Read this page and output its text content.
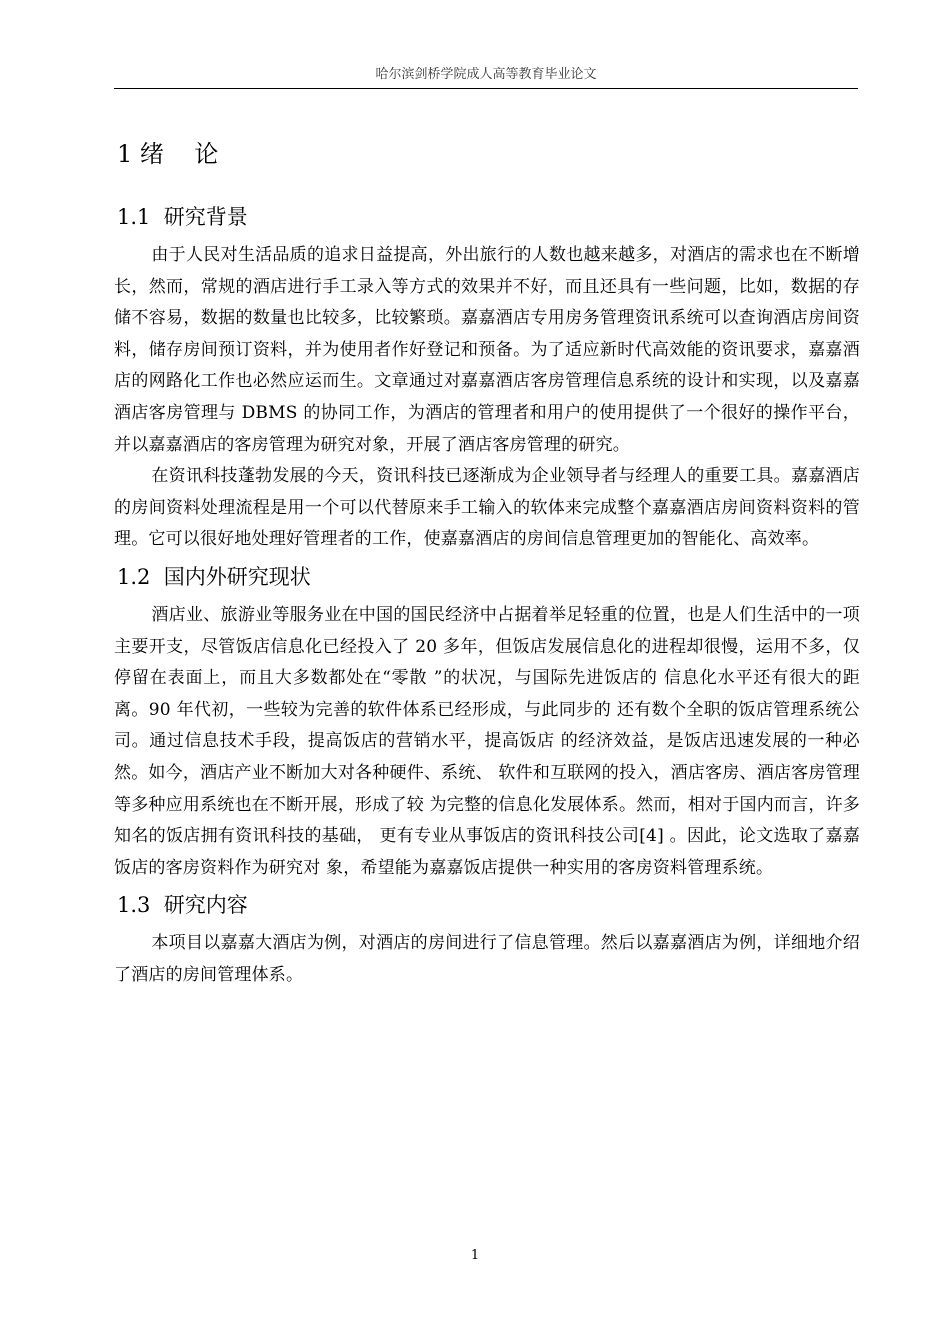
哈尔滨剑桥学院成人高等教育毕业论文
1 绪    论
1.1  研究背景

由于人民对生活品质的追求日益提高，外出旅行的人数也越来越多，对酒店的需求也在不断增长，然而，常规的酒店进行手工录入等方式的效果并不好，而且还具有一些问题，比如，数据的存储不容易，数据的数量也比较多，比较繁琐。嘉嘉酒店专用房务管理资讯系统可以查询酒店房间资料，储存房间预订资料，并为使用者作好登记和预备。为了适应新时代高效能的资讯要求，嘉嘉酒店的网路化工作也必然应运而生。文章通过对嘉嘉酒店客房管理信息系统的设计和实现，以及嘉嘉酒店客房管理与 DBMS 的协同工作，为酒店的管理者和用户的使用提供了一个很好的操作平台，并以嘉嘉酒店的客房管理为研究对象，开展了酒店客房管理的研究。

在资讯科技蓬勃发展的今天，资讯科技已逐渐成为企业领导者与经理人的重要工具。嘉嘉酒店的房间资料处理流程是用一个可以代替原来手工输入的软体来完成整个嘉嘉酒店房间资料资料的管理。它可以很好地处理好管理者的工作，使嘉嘉酒店的房间信息管理更加的智能化、高效率。

1.2  国内外研究现状

酒店业、旅游业等服务业在中国的国民经济中占据着举足轻重的位置，也是人们生活中的一项主要开支，尽管饭店信息化已经投入了 20 多年，但饭店发展信息化的进程却很慢，运用不多，仅停留在表面上，而且大多数都处在“零散 ”的状况，与国际先进饭店的 信息化水平还有很大的距离。90 年代初，一些较为完善的软件体系已经形成，与此同步的 还有数个全职的饭店管理系统公司。通过信息技术手段，提高饭店的营销水平，提高饭店 的经济效益，是饭店迅速发展的一种必然。如今，酒店产业不断加大对各种硬件、系统、 软件和互联网的投入，酒店客房、酒店客房管理等多种应用系统也在不断开展，形成了较 为完整的信息化发展体系。然而，相对于国内而言，许多知名的饭店拥有资讯科技的基础， 更有专业从事饭店的资讯科技公司[4] 。因此，论文选取了嘉嘉饭店的客房资料作为研究对 象，希望能为嘉嘉饭店提供一种实用的客房资料管理系统。

1.3  研究内容

本项目以嘉嘉大酒店为例，对酒店的房间进行了信息管理。然后以嘉嘉酒店为例，详细地介绍了酒店的房间管理体系。

1
